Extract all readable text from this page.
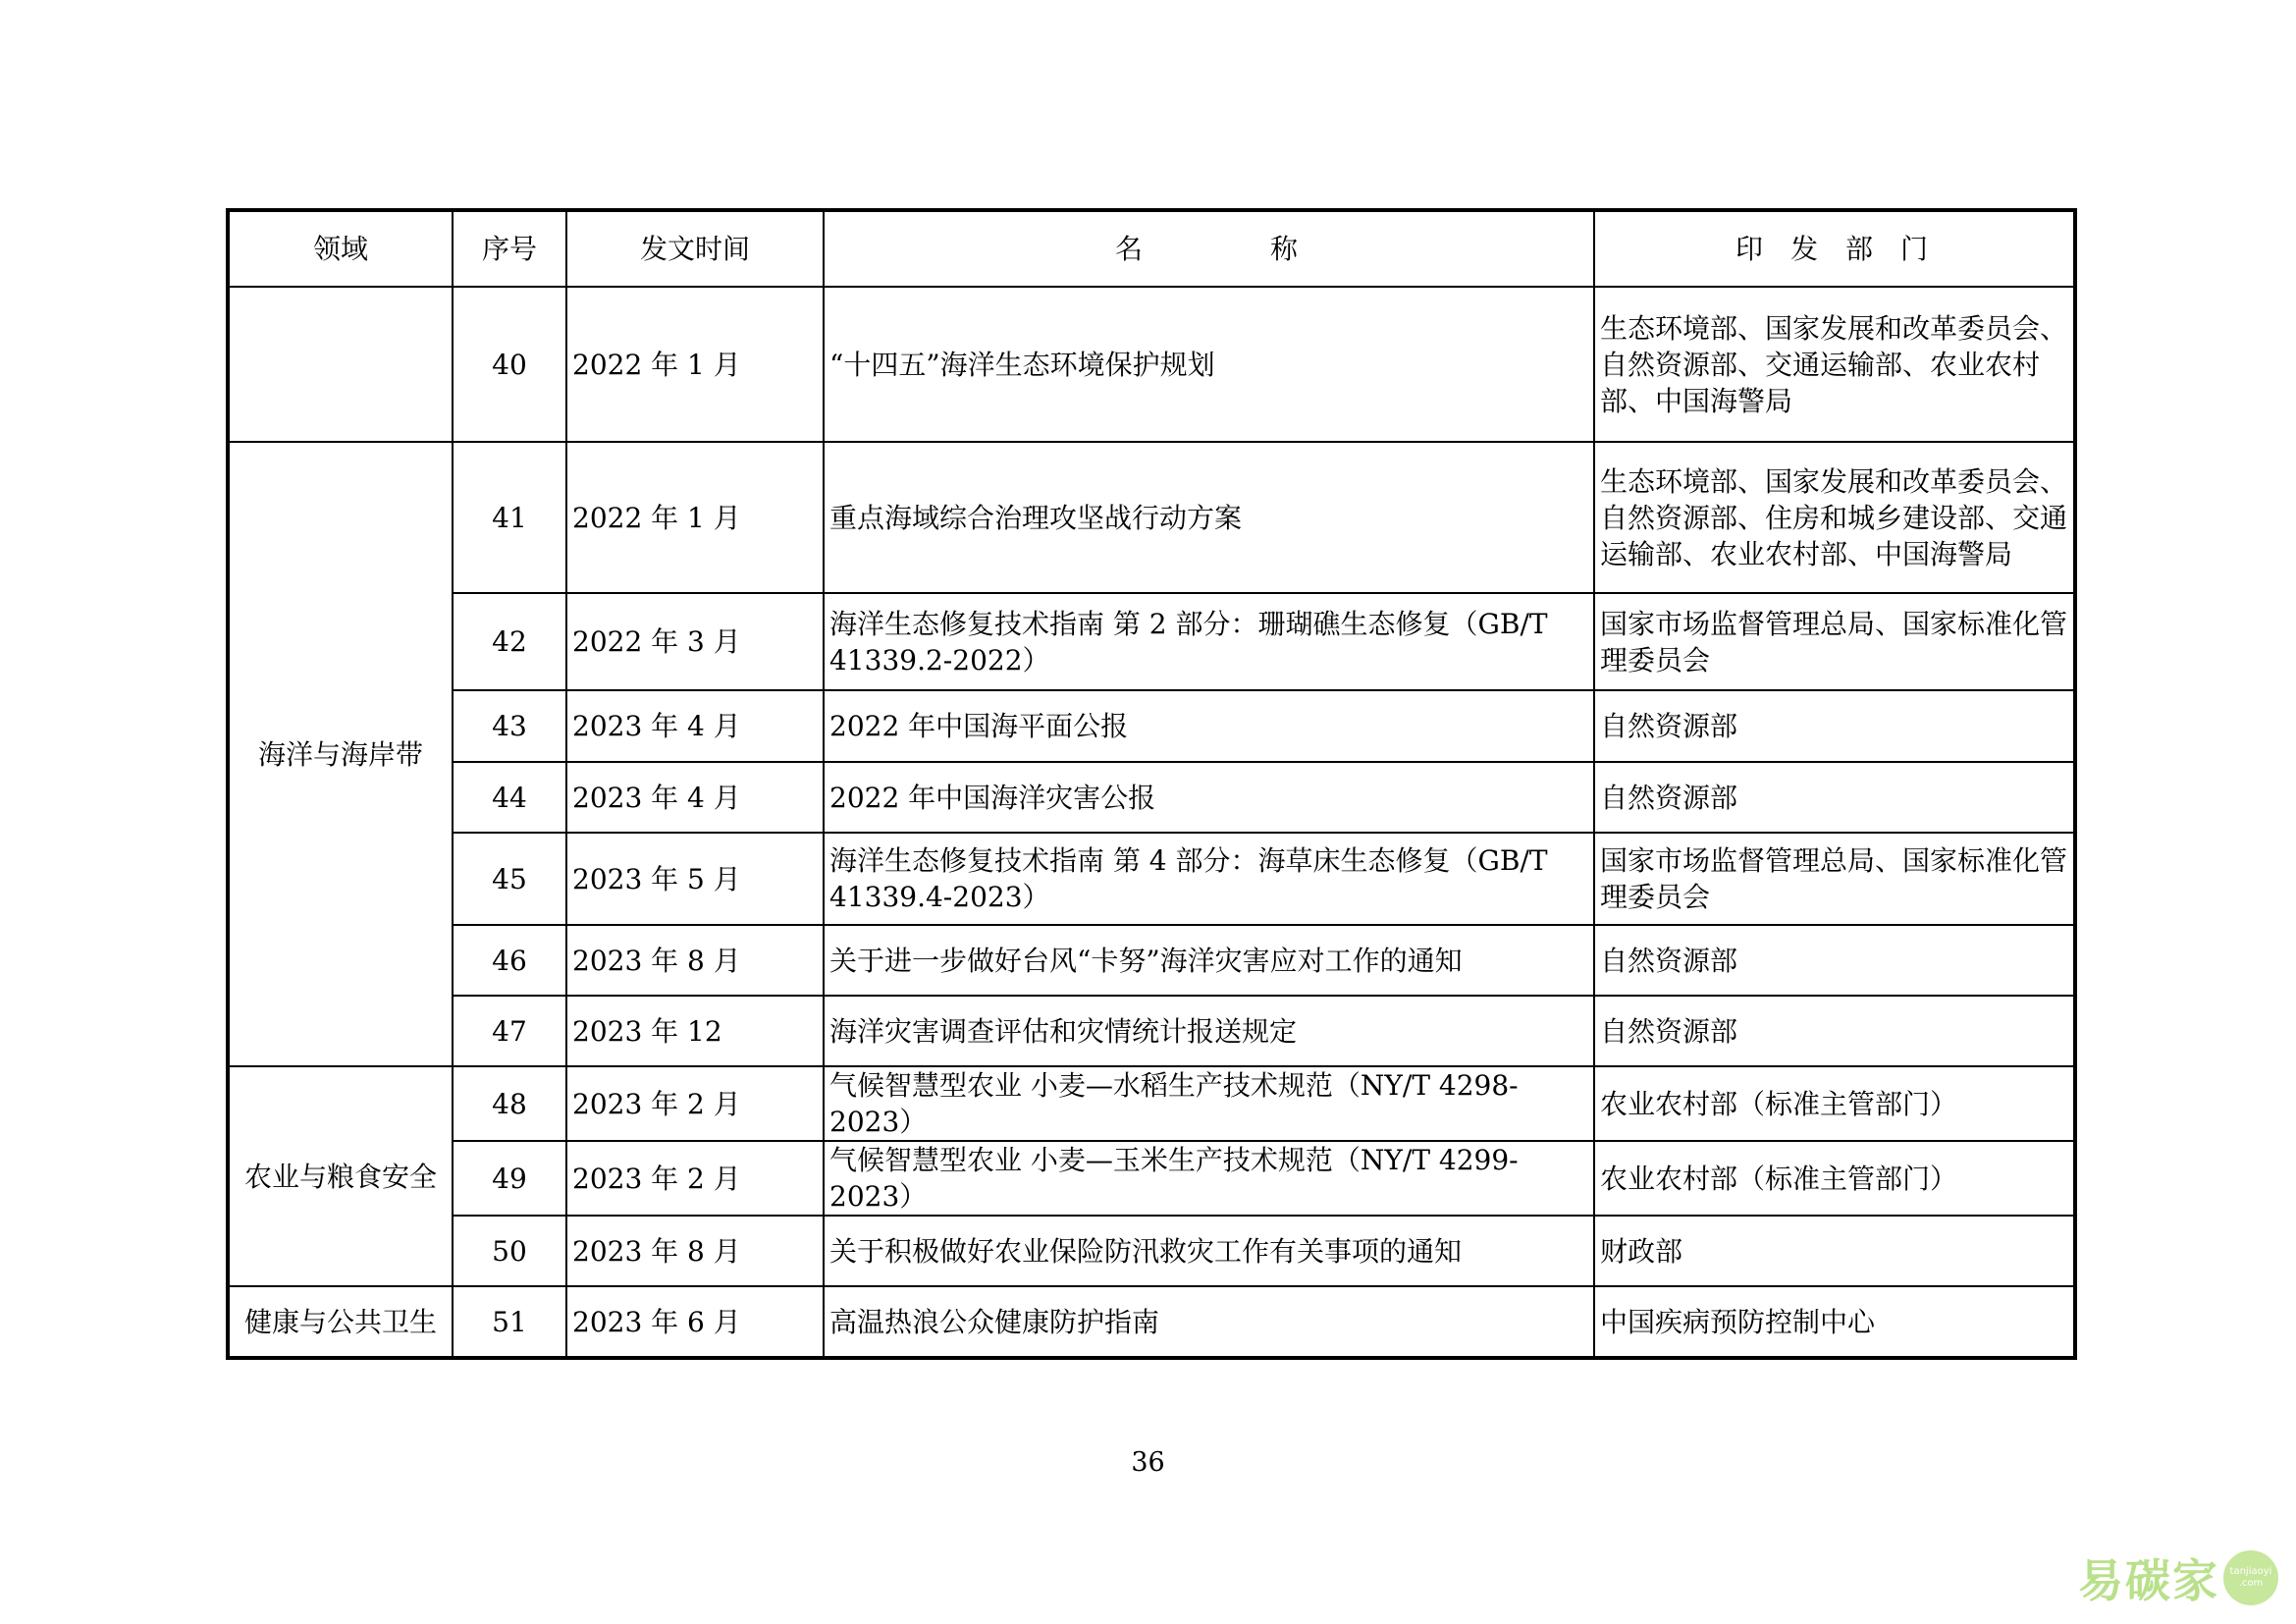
领域	序号	发文时间	名称	印发部门
	40	2022 年 1 月	“十四五”海洋生态环境保护规划	生态环境部、国家发展和改革委员会、自然资源部、交通运输部、农业农村部、中国海警局
海洋与海岸带	41	2022 年 1 月	重点海域综合治理攻坚战行动方案	生态环境部、国家发展和改革委员会、自然资源部、住房和城乡建设部、交通运输部、农业农村部、中国海警局
	42	2022 年 3 月	海洋生态修复技术指南 第 2 部分：珊瑚礁生态修复（GB/T 41339.2-2022）	国家市场监督管理总局、国家标准化管理委员会
	43	2023 年 4 月	2022 年中国海平面公报	自然资源部
	44	2023 年 4 月	2022 年中国海洋灾害公报	自然资源部
	45	2023 年 5 月	海洋生态修复技术指南 第 4 部分：海草床生态修复（GB/T 41339.4-2023）	国家市场监督管理总局、国家标准化管理委员会
	46	2023 年 8 月	关于进一步做好台风“卡努”海洋灾害应对工作的通知	自然资源部
	47	2023 年 12	海洋灾害调查评估和灾情统计报送规定	自然资源部
农业与粮食安全	48	2023 年 2 月	气候智慧型农业 小麦—水稻生产技术规范（NY/T 4298-2023）	农业农村部（标准主管部门）
	49	2023 年 2 月	气候智慧型农业 小麦—玉米生产技术规范（NY/T 4299-2023）	农业农村部（标准主管部门）
	50	2023 年 8 月	关于积极做好农业保险防汛救灾工作有关事项的通知	财政部
健康与公共卫生	51	2023 年 6 月	高温热浪公众健康防护指南	中国疾病预防控制中心
36
易碳家 tanjiaoyi
.com
